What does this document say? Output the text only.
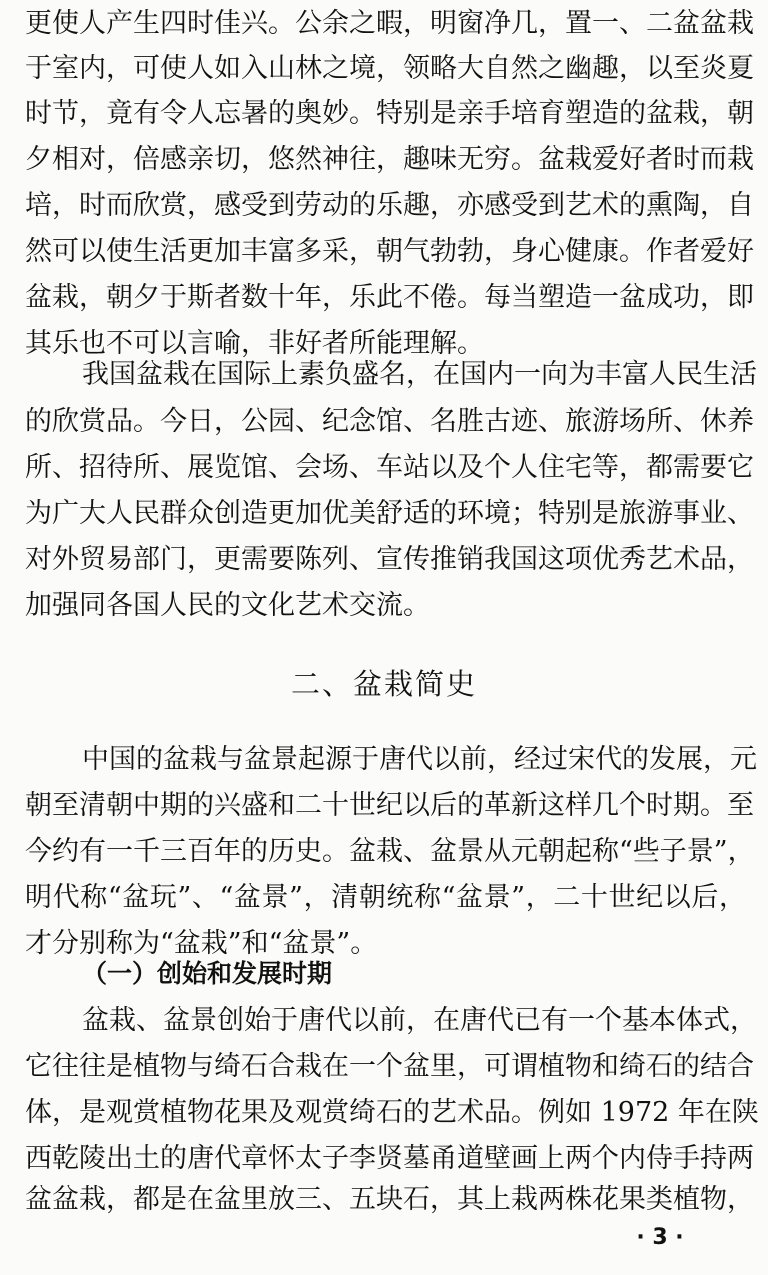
更使人产生四时佳兴。公余之暇，明窗净几，置一、二盆盆栽
于室内，可使人如入山林之境，领略大自然之幽趣，以至炎夏
时节，竟有令人忘暑的奥妙。特别是亲手培育塑造的盆栽，朝
夕相对，倍感亲切，悠然神往，趣味无穷。盆栽爱好者时而栽
培，时而欣赏，感受到劳动的乐趣，亦感受到艺术的熏陶，自
然可以使生活更加丰富多采，朝气勃勃，身心健康。作者爱好
盆栽，朝夕于斯者数十年，乐此不倦。每当塑造一盆成功，即
其乐也不可以言喻，非好者所能理解。
我国盆栽在国际上素负盛名，在国内一向为丰富人民生活
的欣赏品。今日，公园、纪念馆、名胜古迹、旅游场所、休养
所、招待所、展览馆、会场、车站以及个人住宅等，都需要它
为广大人民群众创造更加优美舒适的环境；特别是旅游事业、
对外贸易部门，更需要陈列、宣传推销我国这项优秀艺术品，
加强同各国人民的文化艺术交流。
二、盆栽简史
中国的盆栽与盆景起源于唐代以前，经过宋代的发展，元
朝至清朝中期的兴盛和二十世纪以后的革新这样几个时期。至
今约有一千三百年的历史。盆栽、盆景从元朝起称“些子景”，
明代称“盆玩”、“盆景”，清朝统称“盆景”，二十世纪以后，
才分别称为“盆栽”和“盆景”。
（一）创始和发展时期
盆栽、盆景创始于唐代以前，在唐代已有一个基本体式，
它往往是植物与绮石合栽在一个盆里，可谓植物和绮石的结合
体，是观赏植物花果及观赏绮石的艺术品。例如 1972 年在陕
西乾陵出土的唐代章怀太子李贤墓甬道壁画上两个内侍手持两
盆盆栽，都是在盆里放三、五块石，其上栽两株花果类植物，
· 3 ·
